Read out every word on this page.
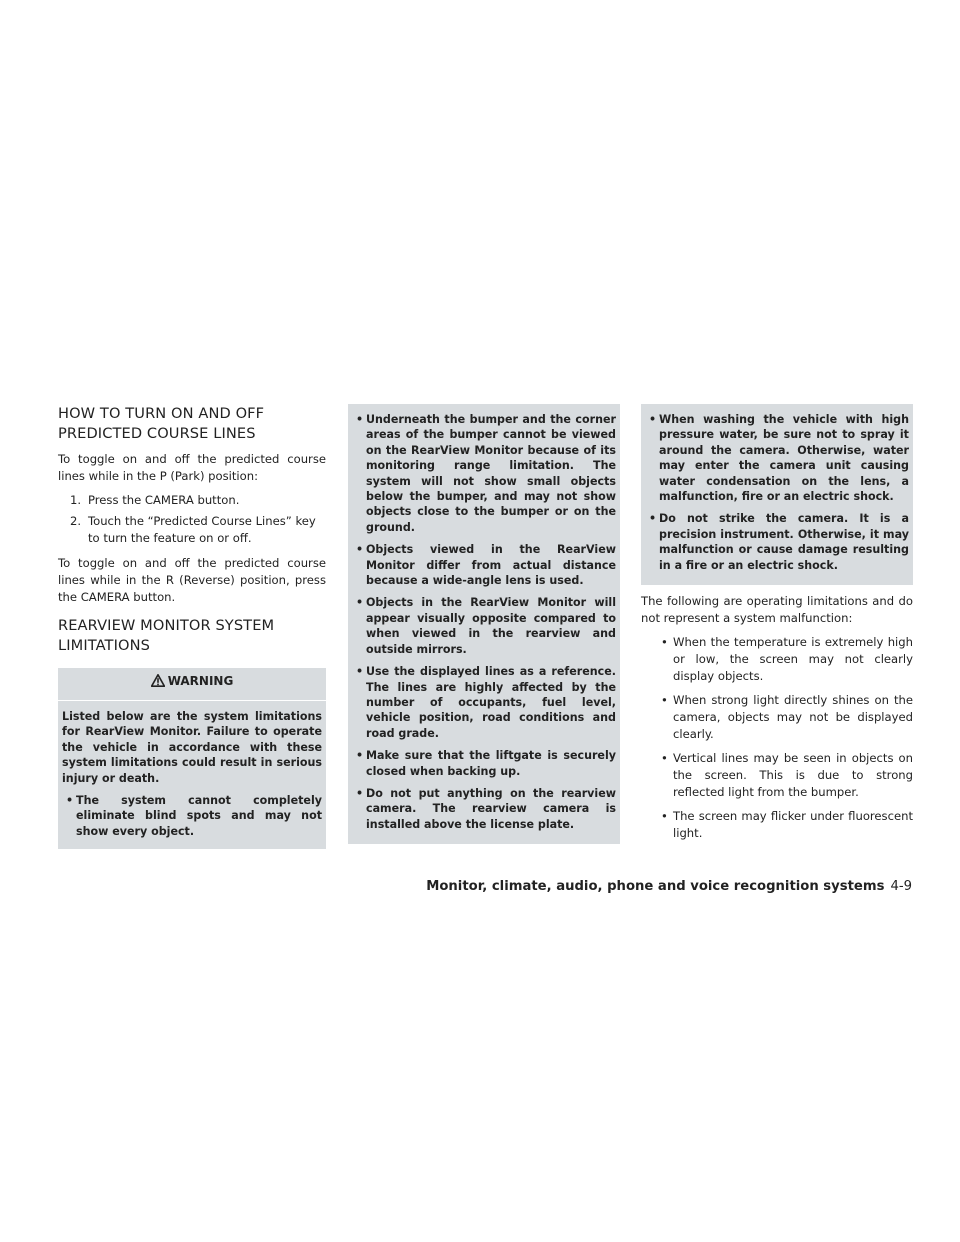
HOW TO TURN ON AND OFF PREDICTED COURSE LINES

To toggle on and off the predicted course lines while in the P (Park) position:

1. Press the CAMERA button.
2. Touch the “Predicted Course Lines” key to turn the feature on or off.

To toggle on and off the predicted course lines while in the R (Reverse) position, press the CAMERA button.

REARVIEW MONITOR SYSTEM LIMITATIONS
WARNING

Listed below are the system limitations for RearView Monitor. Failure to operate the vehicle in accordance with these system limitations could result in serious injury or death.

• The system cannot completely eliminate blind spots and may not show every object.
• Underneath the bumper and the corner areas of the bumper cannot be viewed on the RearView Monitor because of its monitoring range limitation. The system will not show small objects below the bumper, and may not show objects close to the bumper or on the ground.
• Objects viewed in the RearView Monitor differ from actual distance because a wide-angle lens is used.
• Objects in the RearView Monitor will appear visually opposite compared to when viewed in the rearview and outside mirrors.
• Use the displayed lines as a reference. The lines are highly affected by the number of occupants, fuel level, vehicle position, road conditions and road grade.
• Make sure that the liftgate is securely closed when backing up.
• Do not put anything on the rearview camera. The rearview camera is installed above the license plate.
• When washing the vehicle with high pressure water, be sure not to spray it around the camera. Otherwise, water may enter the camera unit causing water condensation on the lens, a malfunction, fire or an electric shock.
• Do not strike the camera. It is a precision instrument. Otherwise, it may malfunction or cause damage resulting in a fire or an electric shock.

The following are operating limitations and do not represent a system malfunction:

• When the temperature is extremely high or low, the screen may not clearly display objects.
• When strong light directly shines on the camera, objects may not be displayed clearly.
• Vertical lines may be seen in objects on the screen. This is due to strong reflected light from the bumper.
• The screen may flicker under fluorescent light.
Monitor, climate, audio, phone and voice recognition systems 4-9
